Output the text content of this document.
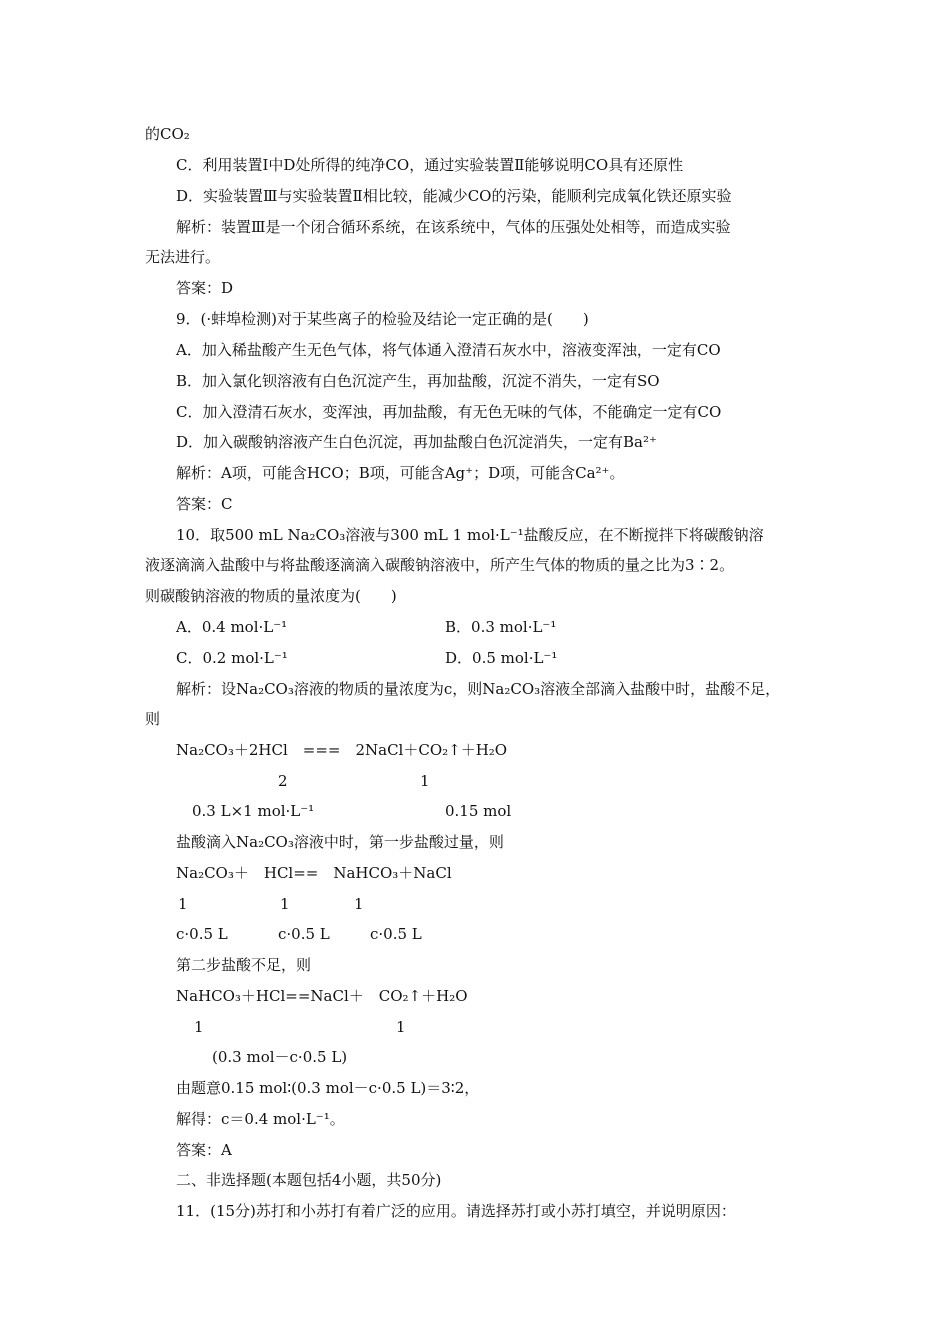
的CO₂
C．利用装置Ⅰ中D处所得的纯净CO，通过实验装置Ⅱ能够说明CO具有还原性
D．实验装置Ⅲ与实验装置Ⅱ相比较，能减少CO的污染，能顺利完成氧化铁还原实验
解析：装置Ⅲ是一个闭合循环系统，在该系统中，气体的压强处处相等，而造成实验
无法进行。
答案：D
9．(·蚌埠检测)对于某些离子的检验及结论一定正确的是(　　)
A．加入稀盐酸产生无色气体，将气体通入澄清石灰水中，溶液变浑浊，一定有CO
B．加入氯化钡溶液有白色沉淀产生，再加盐酸，沉淀不消失，一定有SO
C．加入澄清石灰水，变浑浊，再加盐酸，有无色无味的气体，不能确定一定有CO
D．加入碳酸钠溶液产生白色沉淀，再加盐酸白色沉淀消失，一定有Ba²⁺
解析：A项，可能含HCO；B项，可能含Ag⁺；D项，可能含Ca²⁺。
答案：C
10．取500 mL Na₂CO₃溶液与300 mL 1 mol·L⁻¹盐酸反应，在不断搅拌下将碳酸钠溶
液逐滴滴入盐酸中与将盐酸逐滴滴入碳酸钠溶液中，所产生气体的物质的量之比为3∶2。
则碳酸钠溶液的物质的量浓度为(　　)
A．0.4 mol·L⁻¹	B．0.3 mol·L⁻¹
C．0.2 mol·L⁻¹	D．0.5 mol·L⁻¹
解析：设Na₂CO₃溶液的物质的量浓度为c，则Na₂CO₃溶液全部滴入盐酸中时，盐酸不足，
则
Na₂CO₃＋2HCl　===　2NaCl＋CO₂↑＋H₂O
2	1
0.3 L×1 mol·L⁻¹	0.15 mol
盐酸滴入Na₂CO₃溶液中时，第一步盐酸过量，则
Na₂CO₃＋　HCl==　NaHCO₃＋NaCl
1	1	1
c·0.5 L	c·0.5 L	c·0.5 L
第二步盐酸不足，则
NaHCO₃＋HCl==NaCl＋　CO₂↑＋H₂O
1	1
(0.3 mol－c·0.5 L)
由题意0.15 mol∶(0.3 mol－c·0.5 L)＝3∶2，
解得：c＝0.4 mol·L⁻¹。
答案：A
二、非选择题(本题包括4小题，共50分)
11．(15分)苏打和小苏打有着广泛的应用。请选择苏打或小苏打填空，并说明原因：
